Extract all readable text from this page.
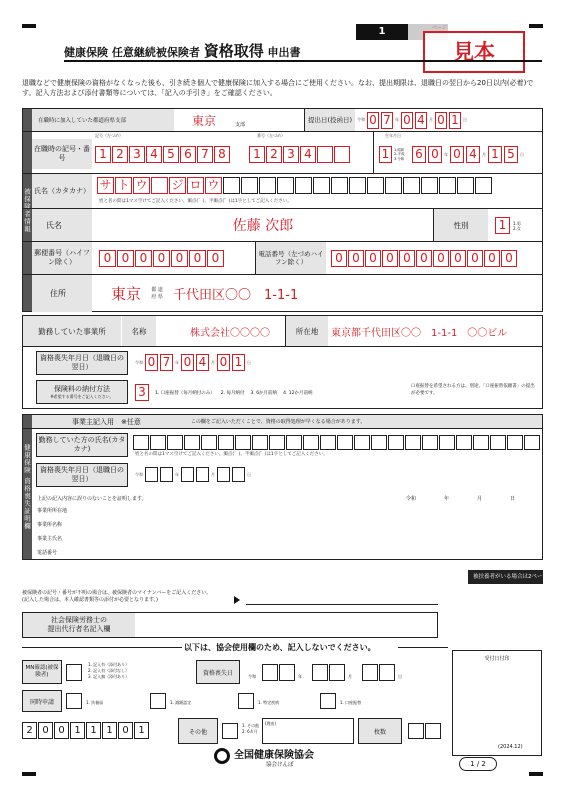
健康保険 任意継続被保険者 資格取得 申出書
1	ページ
見本
退職などで健康保険の資格がなくなった後も、引き続き個人で健康保険に加入する場合にご使用ください。なお、提出期限は、退職日の翌日から20日以内(必着)です。記入方法および添付書類等については、「記入の手引き」をご確認ください。
被保険者情報
在職時に加入していた都道府県支部	東京	支部
提出日(投函日)	令和 0 7	年 0 4	月 0 1	日
記号（左づめ）	番号（左づめ）	生年月日
在職時の記号・番号	1 2 3 4 5 6 7 8	1 2 3 4	1	1.昭和
2.平成
3.令和 6 0	年 0 4	月 1 5	日
氏名（カタカナ） サ ト ウ ジ ロ ウ
姓と名の間は1マス空けてご記入ください。濁点(゛)、半濁点(゜)は1字としてご記入ください。
氏名	佐藤 次郎	性別	1	1.男
2.女
郵便番号（ハイフン除く）	0 0 0 0 0 0 0	電話番号（左づめハイフン除く）	0 0 0 0 0 0 0 0 0 0 0
住所	東京	都 道
府 県 千代田区〇〇　1-1-1
勤務していた事業所	名称	株式会社〇〇〇〇	所在地	東京都千代田区〇〇　1-1-1　〇〇ビル
資格喪失年月日（退職日の翌日）
令和 0 7	年 0 4	月 0 1	日
保険料の納付方法
※希望する番号をご記入ください。 3	1. 口座振替（毎月納付のみ） 2. 毎月納付 3. 6か月前納 4. 12か月前納
口座振替を希望される方は、別途、「口座振替依頼書」の提出が必要です。
健康保険 資格喪失証明欄
事業主記入用　※任意	この欄をご記入いただくことで、資格の取得処理が早くなる場合があります。
勤務していた方の氏名(カタカナ)
姓と名の間は1マス空けてご記入ください。濁点(゛)、半濁点(゜)は1字としてご記入ください。
資格喪失年月日（退職日の翌日）
令和	年	月	日
上記の記入内容に誤りのないことを証明します。	令和	年	月	日
事業所所在地
事業所名称
事業主氏名
電話番号
被扶養者がいる場合は2ページ目に続きます。
被保険者の記号・番号が不明の場合は、被保険者のマイナンバーをご記入ください。
(記入した場合は、本人確認書類等の添付が必要となります。)
社会保険労務士の
提出代行者名記入欄
以下は、協会使用欄のため、記入しないでください。
受付日付印
MN確認(被保険者)
1. 記入有（添付あり）
2. 記入有（添付なし）
3. 記入無（添付あり）	資格喪失日	令和	年	月	日
同時申請	1. 扶養届	1. 減額認定	1. 特定疾病	1. 口座振替
2 0 0 1 1 1 0 1	その他
1. その他
2. 6カ月
(理由)
枚数
全国健康保険協会
協会けんぽ
(2024.12)
1 / 2
